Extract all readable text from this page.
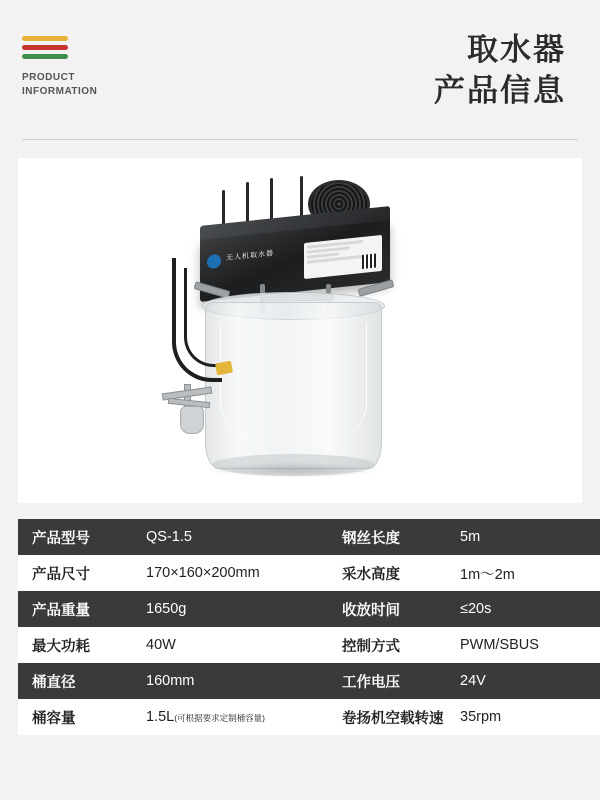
PRODUCT
INFORMATION
取水器
产品信息
无人机取水器
产品型号	QS-1.5	钢丝长度	5m
产品尺寸	170×160×200mm	采水高度	1m～2m
产品重量	1650g	收放时间	≤20s
最大功耗	40W	控制方式	PWM/SBUS
桶直径	160mm	工作电压	24V
桶容量	1.5L(可根据要求定制桶容量)	卷扬机空载转速	35rpm
